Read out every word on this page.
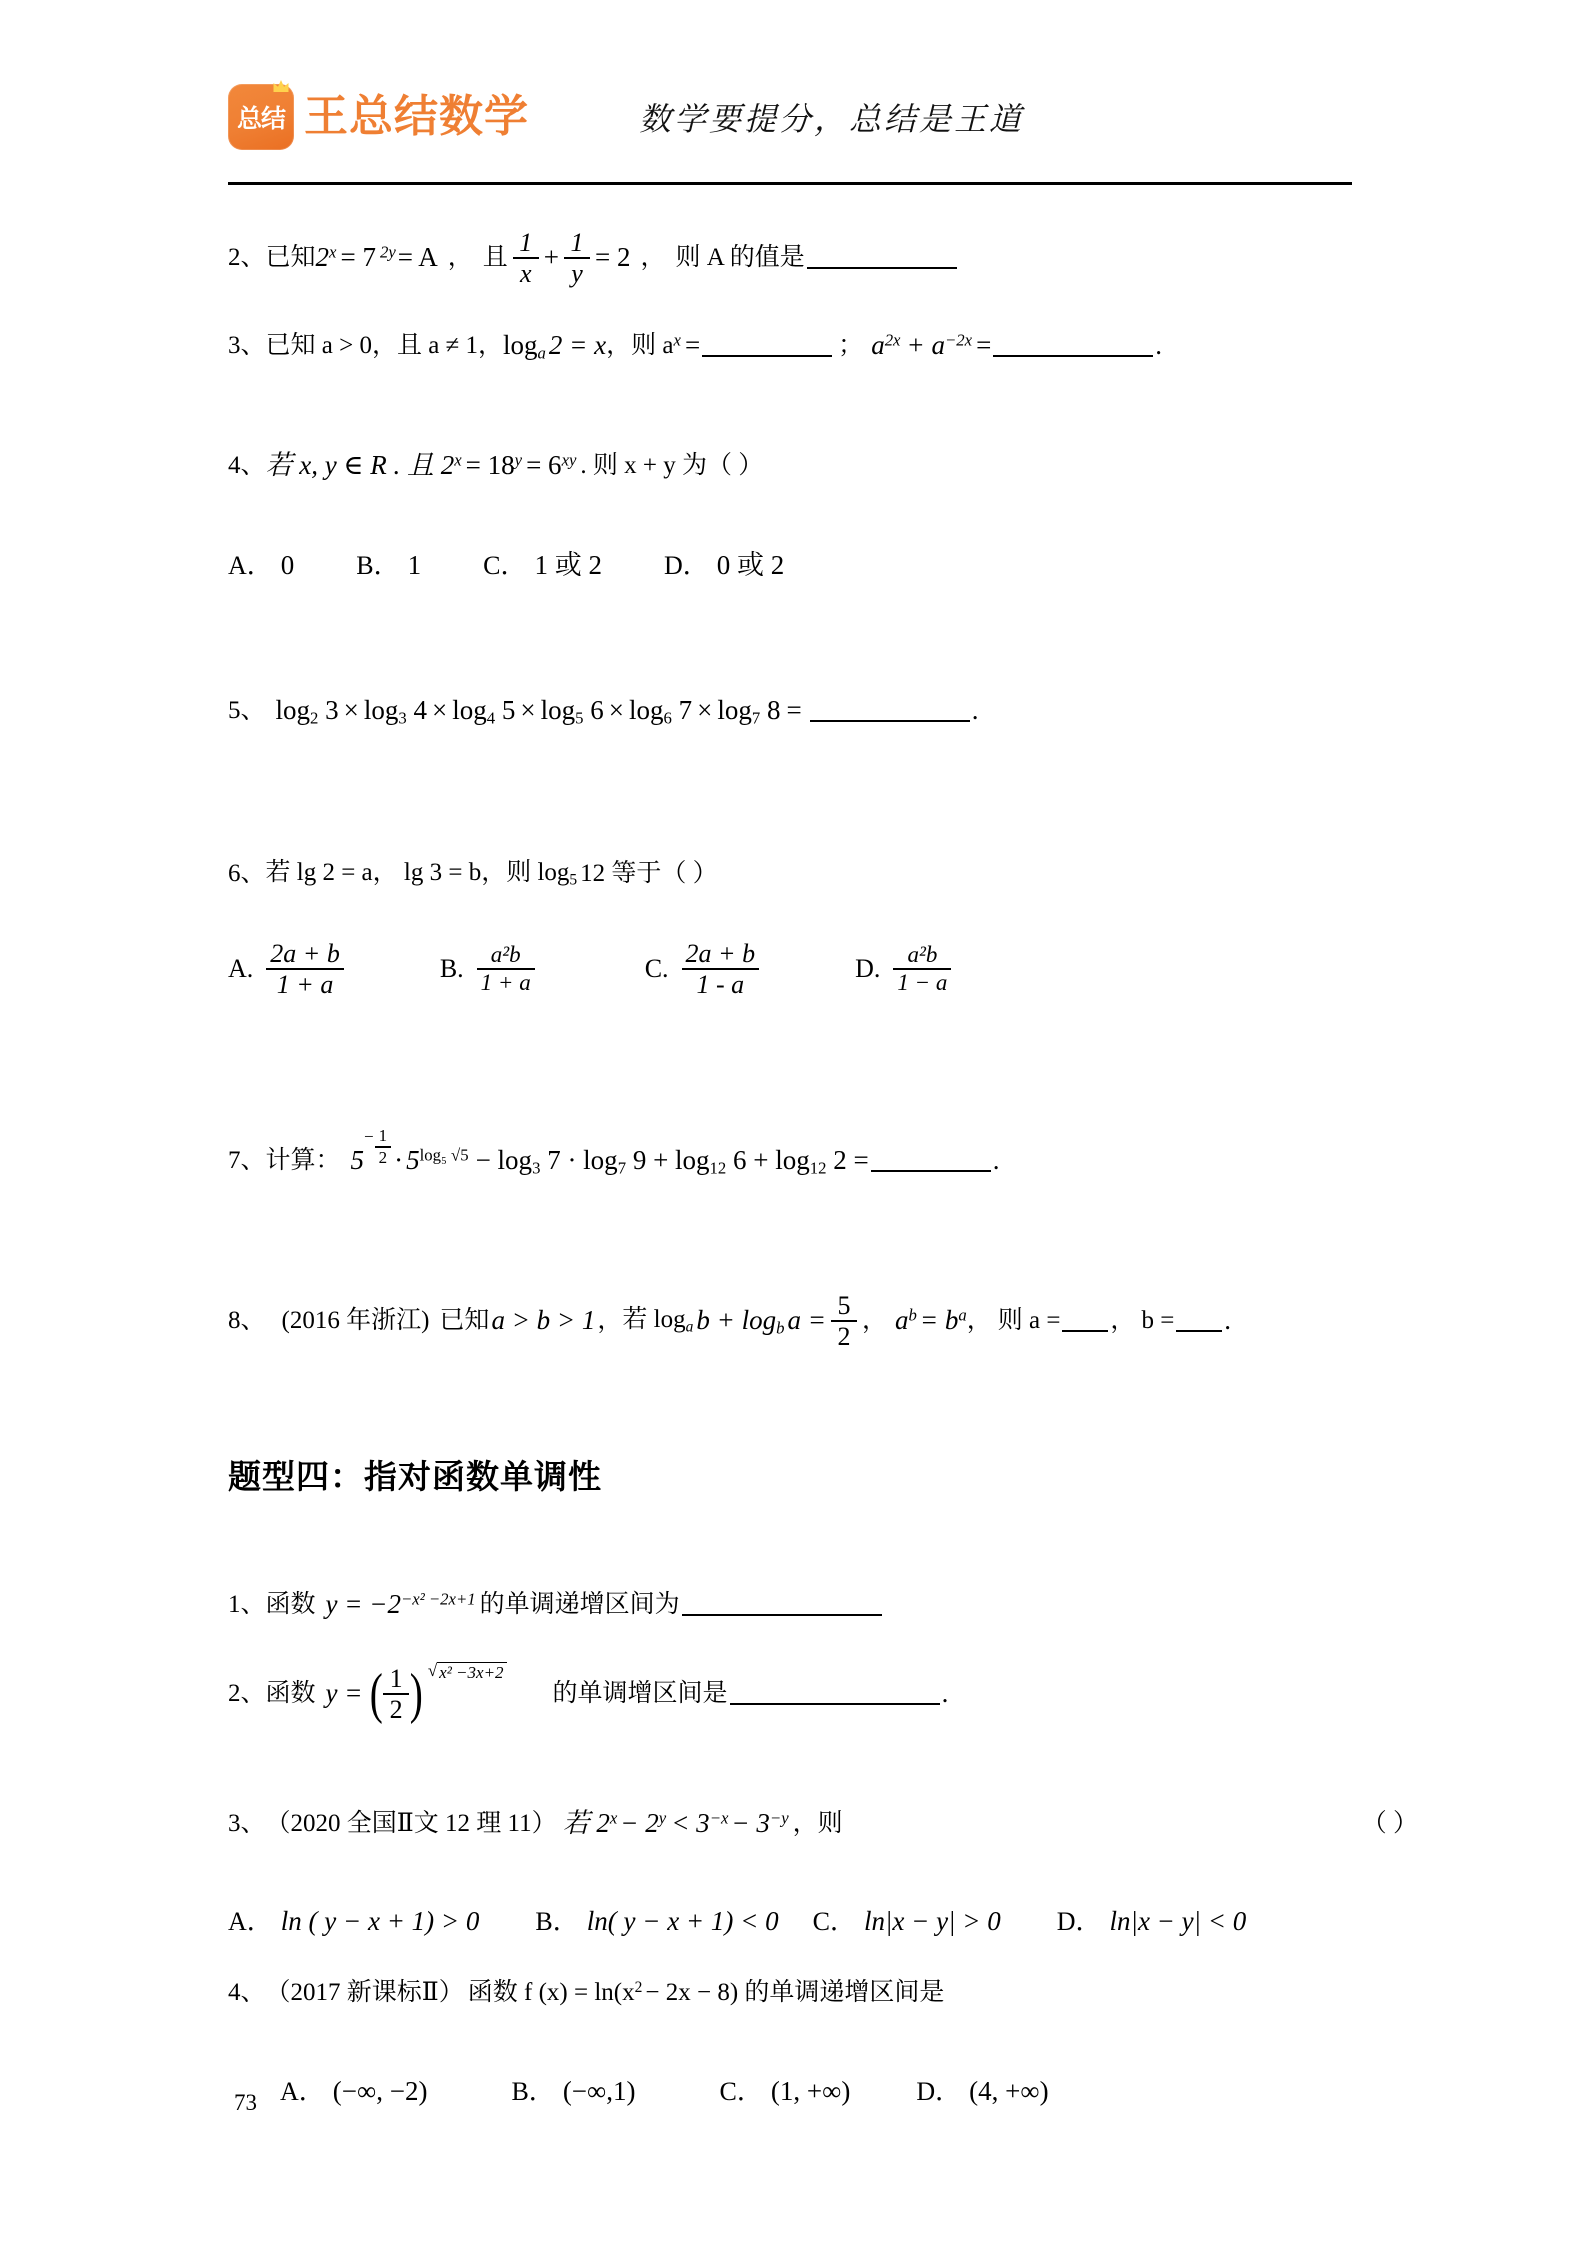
总结 王总结数学	数学要提分，总结是王道
2、 已知 $2^x = 7$ $^{2y}$ = A ， 且 $\frac{1}{x} + \frac{1}{y} = 2$ ， 则 A 的值是
3、 已知 a > 0，且 a ≠ 1， $\log_a 2 = x$ ，则 a $^x$ =	； $a^{2x} + a^{-2x}$ =	.
4、 若 x, y ∈ R . 且 $2^x = 18^y = 6^{xy}$ . 则 x + y 为（ ）
A． 0 B． 1 C． 1 或 2 D． 0 或 2
5、 $\log_2 3 \times \log_3 4 \times \log_4 5 \times \log_5 6 \times \log_6 7 \times \log_7 8$ =	.
6、 若 lg 2 = a， lg 3 = b，则 $\log_5 12$ 等于（ ）
A. $\frac{2a + b}{1 + a}$	B. $\frac{\text{a²b}}{1 + a}$	C. $\frac{2a + b}{1 - a}$	D. $\frac{\text{a²b}}{1 - a}$
7、 计算： 5
− $\frac{1}{2} \cdot 5^{log_5 √5} - \log_3 7 \cdot \log_7 9 + \log_{12} 6 + \log_{12} 2$ =	.
8、 (2016 年浙江) 已知 a > b > 1 ， 若 $\log_a b + \log_b a = \frac{5}{2}$ ， $a^b = b^a$ ， 则 a = ， b = .
题型四：指对函数单调性
1、 函数 $y = -2^{-x^2 -2x+1}$ 的单调递增区间为
2、 函数 y = ( $\frac{1}{2}$ ) √ x² −3x+2
的单调增区间是	.
3、 （2020 全国Ⅱ文 12 理 11） 若 $2^x - 2^y < 3^{-x} - 3^{-y}$ ，则	（ ）
A． ln ( y − x + 1) > 0 B． ln( y − x + 1) < 0 C． ln|x − y| > 0 D． ln|x − y| < 0
4、 （2017 新课标Ⅱ） 函数 f $(x) = \ln(x^2 - 2x - 8)$ 的单调递增区间是
A． (−∞, −2)	B． (−∞,1)	C． (1, +∞)	D． (4, +∞)
73
